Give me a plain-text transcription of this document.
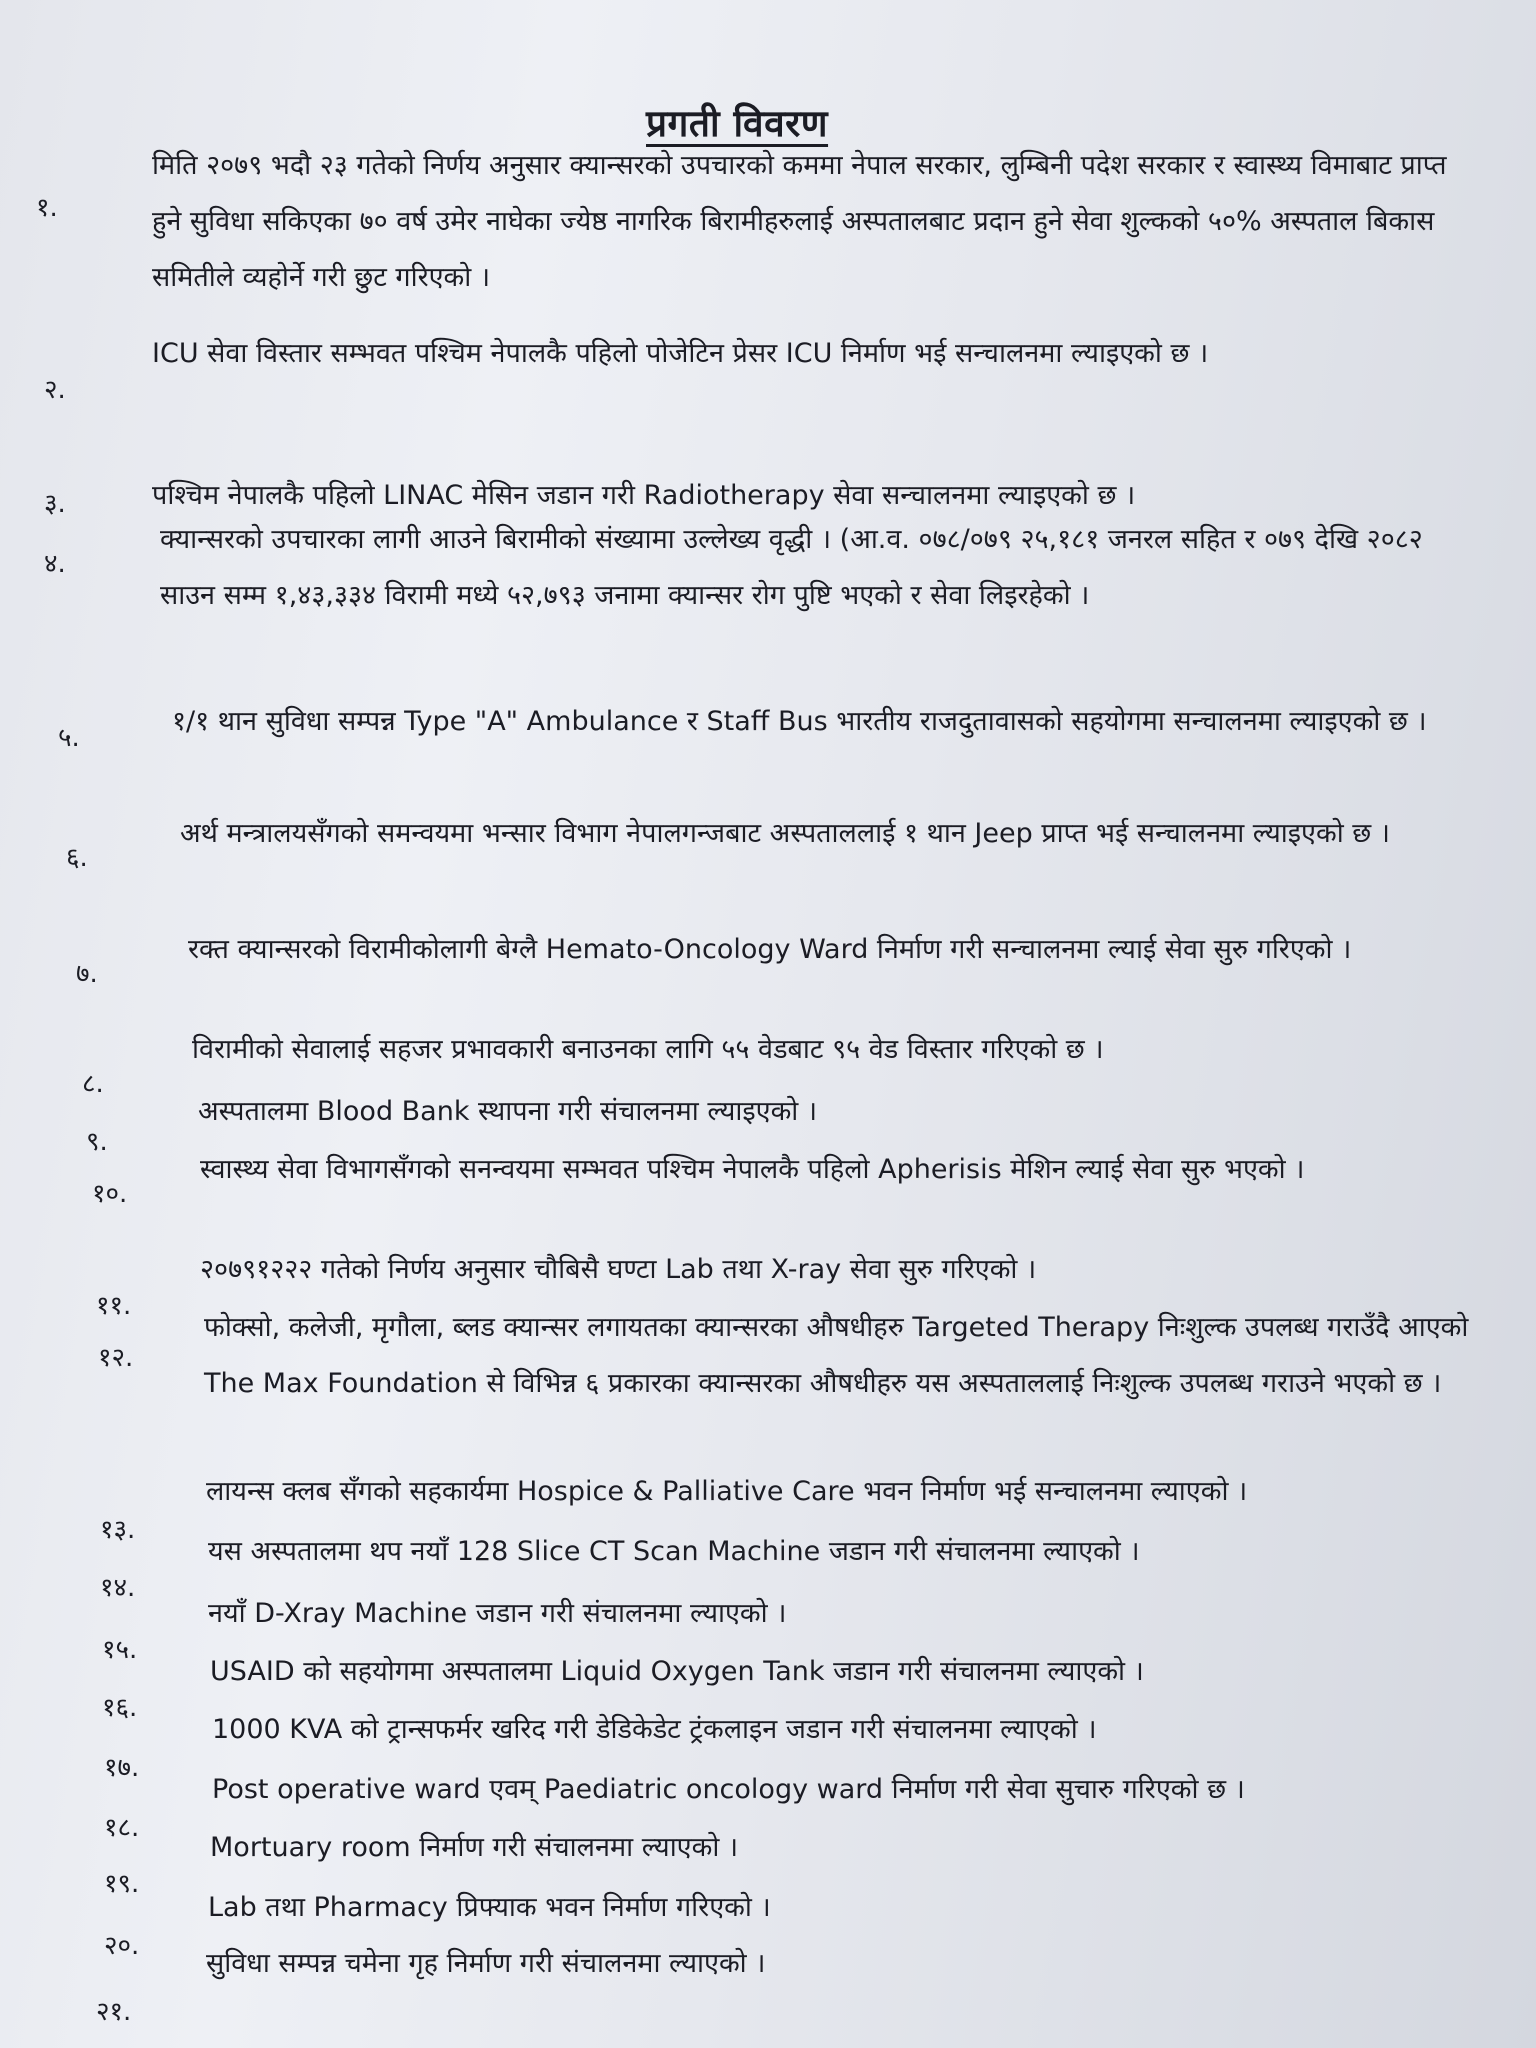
प्रगती विवरण
१.
मिति २०७९ भदौ २३ गतेको निर्णय अनुसार क्यान्सरको उपचारको कममा नेपाल सरकार, लुम्बिनी पदेश सरकार र स्वास्थ्य विमाबाट प्राप्त हुने सुविधा सकिएका ७० वर्ष उमेर नाघेका ज्येष्ठ नागरिक बिरामीहरुलाई अस्पतालबाट प्रदान हुने सेवा शुल्कको ५०% अस्पताल बिकास समितीले व्यहोर्ने गरी छुट गरिएको ।
२.
ICU सेवा विस्तार सम्भवत पश्चिम नेपालकै पहिलो पोजेटिन प्रेसर ICU निर्माण भई सन्चालनमा ल्याइएको छ ।
३.	पश्चिम नेपालकै पहिलो LINAC मेसिन जडान गरी Radiotherapy सेवा सन्चालनमा ल्याइएको छ ।
४.
क्यान्सरको उपचारका लागी आउने बिरामीको संख्यामा उल्लेख्य वृद्धी । (आ.व. ०७८/०७९ २५,१८१ जनरल सहित र ०७९ देखि २०८२ साउन सम्म १,४३,३३४ विरामी मध्ये ५२,७९३ जनामा क्यान्सर रोग पुष्टि भएको र सेवा लिइरहेको ।
५.
१/१ थान सुविधा सम्पन्न Type "A" Ambulance र Staff Bus भारतीय राजदुतावासको सहयोगमा सन्चालनमा ल्याइएको छ ।
६.
अर्थ मन्त्रालयसँगको समन्वयमा भन्सार विभाग नेपालगन्जबाट अस्पताललाई १ थान Jeep प्राप्त भई सन्चालनमा ल्याइएको छ ।
७.
रक्त क्यान्सरको विरामीकोलागी बेग्लै Hemato-Oncology Ward निर्माण गरी सन्चालनमा ल्याई सेवा सुरु गरिएको ।
८.
विरामीको सेवालाई सहजर प्रभावकारी बनाउनका लागि ५५ वेडबाट ९५ वेड विस्तार गरिएको छ ।
९.
अस्पतालमा Blood Bank स्थापना गरी संचालनमा ल्याइएको ।
१०.
स्वास्थ्य सेवा विभागसँगको सनन्वयमा सम्भवत पश्चिम नेपालकै पहिलो Apherisis मेशिन ल्याई सेवा सुरु भएको ।
११.
२०७९१२२२ गतेको निर्णय अनुसार चौबिसै घण्टा Lab तथा X-ray सेवा सुरु गरिएको ।
१२.
फोक्सो, कलेजी, मृगौला, ब्लड क्यान्सर लगायतका क्यान्सरका औषधीहरु Targeted Therapy निःशुल्क उपलब्ध गराउँदै आएको The Max Foundation से विभिन्न ६ प्रकारका क्यान्सरका औषधीहरु यस अस्पताललाई निःशुल्क उपलब्ध गराउने भएको छ ।
१३.
लायन्स क्लब सँगको सहकार्यमा Hospice & Palliative Care भवन निर्माण भई सन्चालनमा ल्याएको ।
१४.
यस अस्पतालमा थप नयाँ 128 Slice CT Scan Machine जडान गरी संचालनमा ल्याएको ।
१५.
नयाँ D-Xray Machine जडान गरी संचालनमा ल्याएको ।
१६.
USAID को सहयोगमा अस्पतालमा Liquid Oxygen Tank जडान गरी संचालनमा ल्याएको ।
१७.
1000 KVA को ट्रान्सफर्मर खरिद गरी डेडिकेडेट ट्रंकलाइन जडान गरी संचालनमा ल्याएको ।
१८.
Post operative ward एवम् Paediatric oncology ward निर्माण गरी सेवा सुचारु गरिएको छ ।
१९.
Mortuary room निर्माण गरी संचालनमा ल्याएको ।
२०.
Lab तथा Pharmacy प्रिफ्याक भवन निर्माण गरिएको ।
२१.
सुविधा सम्पन्न चमेना गृह निर्माण गरी संचालनमा ल्याएको ।
